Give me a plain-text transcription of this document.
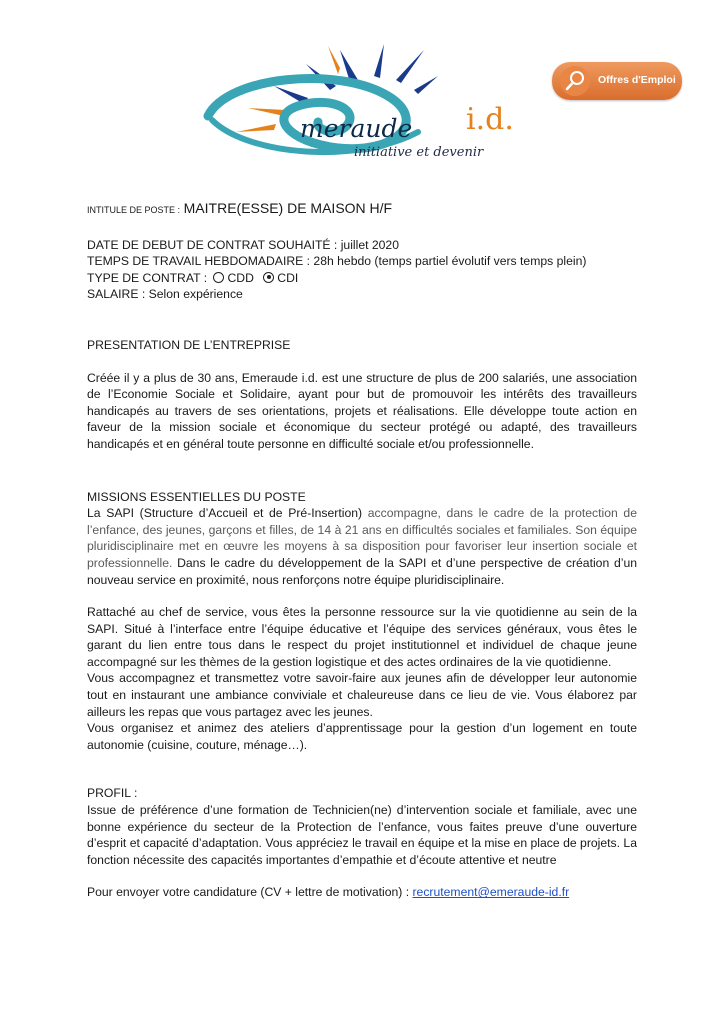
meraude i.d.
initiative et devenir
Offres d'Emploi

INTITULE DE POSTE : MAITRE(ESSE) DE MAISON H/F

DATE DE DEBUT DE CONTRAT SOUHAITÉ : juillet 2020

TEMPS DE TRAVAIL HEBDOMADAIRE : 28h hebdo (temps partiel évolutif vers temps plein)

TYPE DE CONTRAT : CDD CDI

SALAIRE : Selon expérience

PRESENTATION DE L’ENTREPRISE

Créée il y a plus de 30 ans, Emeraude i.d. est une structure de plus de 200 salariés, une association de l’Economie Sociale et Solidaire, ayant pour but de promouvoir les intérêts des travailleurs handicapés au travers de ses orientations, projets et réalisations. Elle développe toute action en faveur de la mission sociale et économique du secteur protégé ou adapté, des travailleurs handicapés et en général toute personne en difficulté sociale et/ou professionnelle.

MISSIONS ESSENTIELLES DU POSTE

La SAPI (Structure d’Accueil et de Pré-Insertion) accompagne, dans le cadre de la protection de l’enfance, des jeunes, garçons et filles, de 14 à 21 ans en difficultés sociales et familiales. Son équipe pluridisciplinaire met en œuvre les moyens à sa disposition pour favoriser leur insertion sociale et professionnelle. Dans le cadre du développement de la SAPI et d’une perspective de création d’un nouveau service en proximité, nous renforçons notre équipe pluridisciplinaire.

Rattaché au chef de service, vous êtes la personne ressource sur la vie quotidienne au sein de la SAPI. Situé à l’interface entre l’équipe éducative et l’équipe des services généraux, vous êtes le garant du lien entre tous dans le respect du projet institutionnel et individuel de chaque jeune accompagné sur les thèmes de la gestion logistique et des actes ordinaires de la vie quotidienne.

Vous accompagnez et transmettez votre savoir-faire aux jeunes afin de développer leur autonomie tout en instaurant une ambiance conviviale et chaleureuse dans ce lieu de vie. Vous élaborez par ailleurs les repas que vous partagez avec les jeunes.

Vous organisez et animez des ateliers d’apprentissage pour la gestion d’un logement en toute autonomie (cuisine, couture, ménage…).

PROFIL :

Issue de préférence d’une formation de Technicien(ne) d’intervention sociale et familiale, avec une bonne expérience du secteur de la Protection de l’enfance, vous faites preuve d’une ouverture d’esprit et capacité d’adaptation. Vous appréciez le travail en équipe et la mise en place de projets. La fonction nécessite des capacités importantes d’empathie et d’écoute attentive et neutre

Pour envoyer votre candidature (CV + lettre de motivation) : recrutement@emeraude-id.fr
